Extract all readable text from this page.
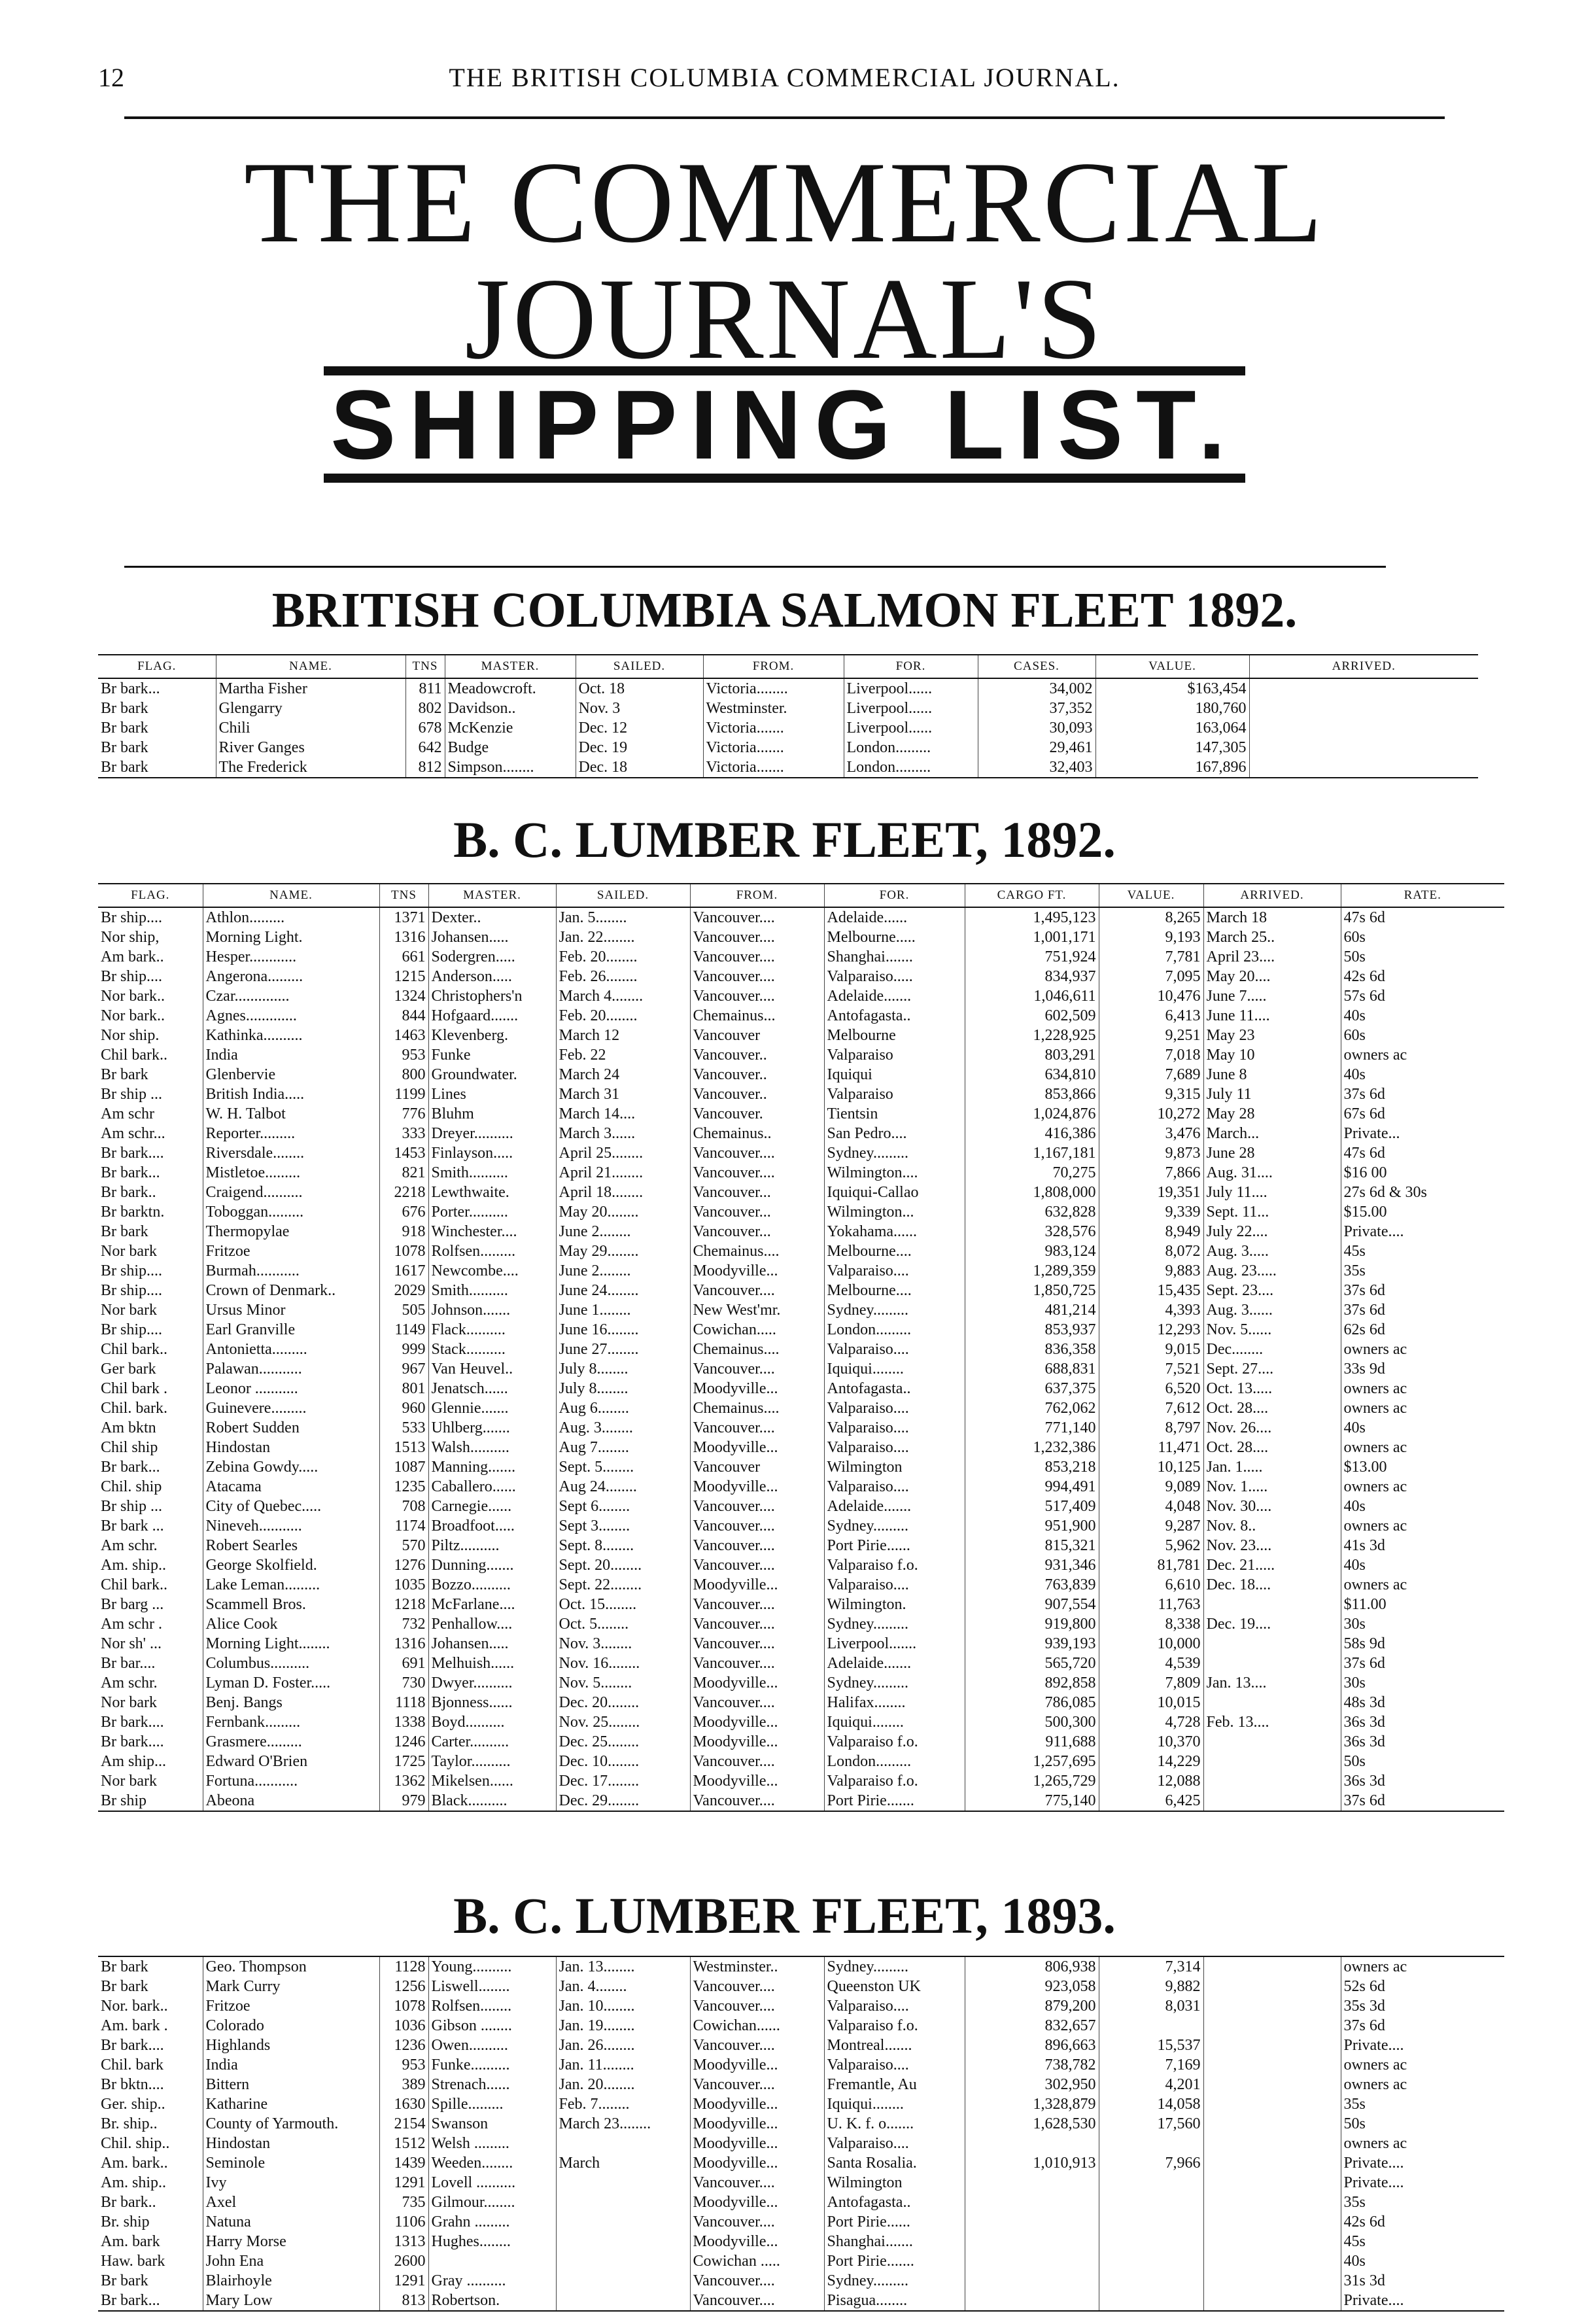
12	THE BRITISH COLUMBIA COMMERCIAL JOURNAL.
THE COMMERCIAL JOURNAL'S
SHIPPING LIST.
BRITISH COLUMBIA SALMON FLEET 1892.
FLAG.	NAME.	TNS	MASTER.	SAILED.	FROM.	FOR.	CASES.	VALUE.	ARRIVED.
Br bark...	Martha Fisher	811	Meadowcroft.	Oct. 18	Victoria........	Liverpool......	34,002	$163,454	
Br bark	Glengarry	802	Davidson..	Nov. 3	Westminster.	Liverpool......	37,352	180,760	
Br bark	Chili	678	McKenzie	Dec. 12	Victoria.......	Liverpool......	30,093	163,064	
Br bark	River Ganges	642	Budge	Dec. 19	Victoria.......	London.........	29,461	147,305	
Br bark	The Frederick	812	Simpson........	Dec. 18	Victoria.......	London.........	32,403	167,896	
B. C. LUMBER FLEET, 1892.
FLAG.	NAME.	TNS	MASTER.	SAILED.	FROM.	FOR.	CARGO FT.	VALUE.	ARRIVED.	RATE.
Br ship....	Athlon.........	1371	Dexter..	Jan. 5........	Vancouver....	Adelaide......	1,495,123	8,265	March 18	47s 6d
Nor ship,	Morning Light.	1316	Johansen.....	Jan. 22........	Vancouver....	Melbourne.....	1,001,171	9,193	March 25..	60s
Am bark..	Hesper............	661	Sodergren.....	Feb. 20........	Vancouver....	Shanghai.......	751,924	7,781	April 23....	50s
Br ship....	Angerona.........	1215	Anderson.....	Feb. 26........	Vancouver....	Valparaiso.....	834,937	7,095	May 20....	42s 6d
Nor bark..	Czar..............	1324	Christophers'n	March 4........	Vancouver....	Adelaide.......	1,046,611	10,476	June 7.....	57s 6d
Nor bark..	Agnes.............	844	Hofgaard.......	Feb. 20........	Chemainus...	Antofagasta..	602,509	6,413	June 11....	40s
Nor ship.	Kathinka..........	1463	Klevenberg.	March 12	Vancouver	Melbourne	1,228,925	9,251	May 23	60s
Chil bark..	India	953	Funke	Feb. 22	Vancouver..	Valparaiso	803,291	7,018	May 10	owners ac
Br bark	Glenbervie	800	Groundwater.	March 24	Vancouver..	Iquiqui	634,810	7,689	June 8	40s
Br ship ...	British India.....	1199	Lines	March 31	Vancouver..	Valparaiso	853,866	9,315	July 11	37s 6d
Am schr	W. H. Talbot	776	Bluhm	March 14....	Vancouver.	Tientsin	1,024,876	10,272	May 28	67s 6d
Am schr...	Reporter.........	333	Dreyer..........	March 3......	Chemainus..	San Pedro....	416,386	3,476	March...	Private...
Br bark....	Riversdale........	1453	Finlayson.....	April 25........	Vancouver....	Sydney.........	1,167,181	9,873	June 28	47s 6d
Br bark...	Mistletoe.........	821	Smith..........	April 21........	Vancouver....	Wilmington....	70,275	7,866	Aug. 31....	$16 00
Br bark..	Craigend..........	2218	Lewthwaite.	April 18........	Vancouver...	Iquiqui-Callao	1,808,000	19,351	July 11....	27s 6d & 30s
Br barktn.	Toboggan.........	676	Porter..........	May 20........	Vancouver...	Wilmington...	632,828	9,339	Sept. 11...	$15.00
Br bark	Thermopylae	918	Winchester....	June 2........	Vancouver...	Yokahama......	328,576	8,949	July 22....	Private....
Nor bark	Fritzoe	1078	Rolfsen.........	May 29........	Chemainus....	Melbourne....	983,124	8,072	Aug. 3.....	45s
Br ship....	Burmah...........	1617	Newcombe....	June 2........	Moodyville...	Valparaiso....	1,289,359	9,883	Aug. 23.....	35s
Br ship....	Crown of Denmark..	2029	Smith..........	June 24........	Vancouver....	Melbourne....	1,850,725	15,435	Sept. 23....	37s 6d
Nor bark	Ursus Minor	505	Johnson.......	June 1........	New West'mr.	Sydney.........	481,214	4,393	Aug. 3......	37s 6d
Br ship....	Earl Granville	1149	Flack..........	June 16........	Cowichan.....	London.........	853,937	12,293	Nov. 5......	62s 6d
Chil bark..	Antonietta.........	999	Stack..........	June 27........	Chemainus....	Valparaiso....	836,358	9,015	Dec........	owners ac
Ger bark	Palawan...........	967	Van Heuvel..	July 8........	Vancouver....	Iquiqui........	688,831	7,521	Sept. 27....	33s 9d
Chil bark .	Leonor ...........	801	Jenatsch......	July 8........	Moodyville...	Antofagasta..	637,375	6,520	Oct. 13.....	owners ac
Chil. bark.	Guinevere.........	960	Glennie.......	Aug 6........	Chemainus....	Valparaiso....	762,062	7,612	Oct. 28....	owners ac
Am bktn	Robert Sudden	533	Uhlberg.......	Aug. 3........	Vancouver....	Valparaiso....	771,140	8,797	Nov. 26....	40s
Chil ship	Hindostan	1513	Walsh..........	Aug 7........	Moodyville...	Valparaiso....	1,232,386	11,471	Oct. 28....	owners ac
Br bark...	Zebina Gowdy.....	1087	Manning.......	Sept. 5........	Vancouver	Wilmington	853,218	10,125	Jan. 1.....	$13.00
Chil. ship	Atacama	1235	Caballero......	Aug 24........	Moodyville...	Valparaiso....	994,491	9,089	Nov. 1.....	owners ac
Br ship ...	City of Quebec.....	708	Carnegie......	Sept 6........	Vancouver....	Adelaide.......	517,409	4,048	Nov. 30....	40s
Br bark ...	Nineveh...........	1174	Broadfoot.....	Sept 3........	Vancouver....	Sydney.........	951,900	9,287	Nov. 8..	owners ac
Am schr.	Robert Searles	570	Piltz..........	Sept. 8........	Vancouver....	Port Pirie......	815,321	5,962	Nov. 23....	41s 3d
Am. ship..	George Skolfield.	1276	Dunning.......	Sept. 20........	Vancouver....	Valparaiso f.o.	931,346	81,781	Dec. 21.....	40s
Chil bark..	Lake Leman.........	1035	Bozzo..........	Sept. 22........	Moodyville...	Valparaiso....	763,839	6,610	Dec. 18....	owners ac
Br barg ...	Scammell Bros.	1218	McFarlane....	Oct. 15........	Vancouver....	Wilmington.	907,554	11,763		$11.00
Am schr .	Alice Cook	732	Penhallow....	Oct. 5........	Vancouver....	Sydney.........	919,800	8,338	Dec. 19....	30s
Nor sh' ...	Morning Light........	1316	Johansen.....	Nov. 3........	Vancouver....	Liverpool.......	939,193	10,000		58s 9d
Br bar....	Columbus..........	691	Melhuish......	Nov. 16........	Vancouver....	Adelaide.......	565,720	4,539		37s 6d
Am schr.	Lyman D. Foster.....	730	Dwyer..........	Nov. 5........	Moodyville...	Sydney.........	892,858	7,809	Jan. 13....	30s
Nor bark	Benj. Bangs	1118	Bjonness......	Dec. 20........	Vancouver....	Halifax........	786,085	10,015		48s 3d
Br bark....	Fernbank.........	1338	Boyd..........	Nov. 25........	Moodyville...	Iquiqui........	500,300	4,728	Feb. 13....	36s 3d
Br bark....	Grasmere.........	1246	Carter..........	Dec. 25........	Moodyville...	Valparaiso f.o.	911,688	10,370		36s 3d
Am ship...	Edward O'Brien	1725	Taylor..........	Dec. 10........	Vancouver....	London.........	1,257,695	14,229		50s
Nor bark	Fortuna...........	1362	Mikelsen......	Dec. 17........	Moodyville...	Valparaiso f.o.	1,265,729	12,088		36s 3d
Br ship	Abeona	979	Black..........	Dec. 29........	Vancouver....	Port Pirie.......	775,140	6,425		37s 6d
B. C. LUMBER FLEET, 1893.
Br bark	Geo. Thompson	1128	Young..........	Jan. 13........	Westminster..	Sydney.........	806,938	7,314		owners ac
Br bark	Mark Curry	1256	Liswell........	Jan. 4........	Vancouver....	Queenston UK	923,058	9,882		52s 6d
Nor. bark..	Fritzoe	1078	Rolfsen........	Jan. 10........	Vancouver....	Valparaiso....	879,200	8,031		35s 3d
Am. bark .	Colorado	1036	Gibson ........	Jan. 19........	Cowichan......	Valparaiso f.o.	832,657			37s 6d
Br bark....	Highlands	1236	Owen..........	Jan. 26........	Vancouver....	Montreal.......	896,663	15,537		Private....
Chil. bark	India	953	Funke..........	Jan. 11........	Moodyville...	Valparaiso....	738,782	7,169		owners ac
Br bktn....	Bittern	389	Strenach......	Jan. 20........	Vancouver....	Fremantle, Au	302,950	4,201		owners ac
Ger. ship..	Katharine	1630	Spille.........	Feb. 7........	Moodyville...	Iquiqui........	1,328,879	14,058		35s
Br. ship..	County of Yarmouth.	2154	Swanson	March 23........	Moodyville...	U. K. f. o.......	1,628,530	17,560		50s
Chil. ship..	Hindostan	1512	Welsh .........		Moodyville...	Valparaiso....				owners ac
Am. bark..	Seminole	1439	Weeden........	March	Moodyville...	Santa Rosalia.	1,010,913	7,966		Private....
Am. ship..	Ivy	1291	Lovell ..........		Vancouver....	Wilmington				Private....
Br bark..	Axel	735	Gilmour........		Moodyville...	Antofagasta..				35s
Br. ship	Natuna	1106	Grahn .........		Vancouver....	Port Pirie......				42s 6d
Am. bark	Harry Morse	1313	Hughes........		Moodyville...	Shanghai.......				45s
Haw. bark	John Ena	2600			Cowichan .....	Port Pirie.......				40s
Br bark	Blairhoyle	1291	Gray ..........		Vancouver....	Sydney.........				31s 3d
Br bark...	Mary Low	813	Robertson.		Vancouver....	Pisagua........				Private....
